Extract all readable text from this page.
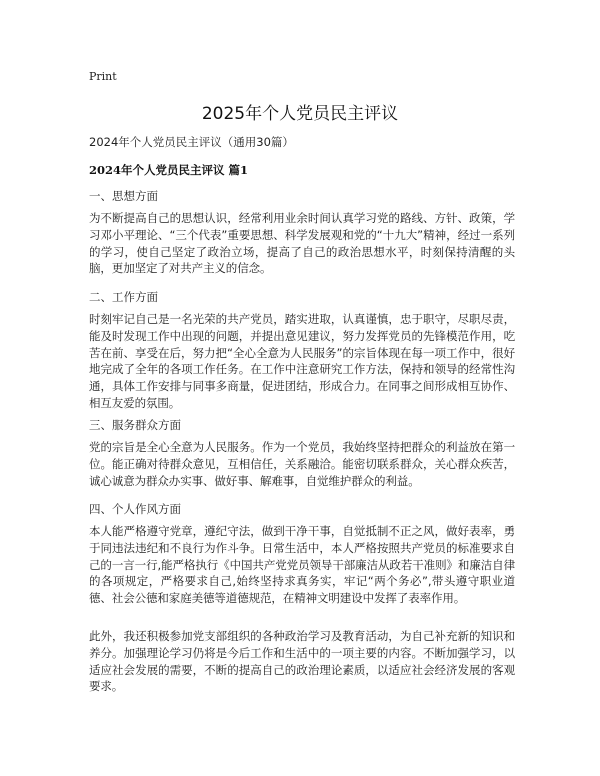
Print
2025年个人党员民主评议
2024年个人党员民主评议（通用30篇）
2024年个人党员民主评议 篇1
一、思想方面
为不断提高自己的思想认识，经常利用业余时间认真学习党的路线、方针、政策，学习邓小平理论、“三个代表”重要思想、科学发展观和党的“十九大”精神，经过一系列的学习，使自己坚定了政治立场，提高了自己的政治思想水平，时刻保持清醒的头脑，更加坚定了对共产主义的信念。
二、工作方面
时刻牢记自己是一名光荣的共产党员，踏实进取，认真谨慎，忠于职守，尽职尽责，能及时发现工作中出现的问题，并提出意见建议，努力发挥党员的先锋模范作用，吃苦在前、享受在后，努力把“全心全意为人民服务”的宗旨体现在每一项工作中，很好地完成了全年的各项工作任务。在工作中注意研究工作方法，保持和领导的经常性沟通，具体工作安排与同事多商量，促进团结，形成合力。在同事之间形成相互协作、相互友爱的氛围。
三、服务群众方面
党的宗旨是全心全意为人民服务。作为一个党员，我始终坚持把群众的利益放在第一位。能正确对待群众意见，互相信任，关系融洽。能密切联系群众，关心群众疾苦，诚心诚意为群众办实事、做好事、解难事，自觉维护群众的利益。
四、个人作风方面
本人能严格遵守党章，遵纪守法，做到干净干事，自觉抵制不正之风，做好表率，勇于同违法违纪和不良行为作斗争。日常生活中，本人严格按照共产党员的标准要求自己的一言一行,能严格执行《中国共产党党员领导干部廉洁从政若干准则》和廉洁自律的各项规定，严格要求自己,始终坚持求真务实，牢记“两个务必”,带头遵守职业道德、社会公德和家庭美德等道德规范，在精神文明建设中发挥了表率作用。
此外，我还积极参加党支部组织的各种政治学习及教育活动，为自己补充新的知识和养分。加强理论学习仍将是今后工作和生活中的一项主要的内容。不断加强学习，以适应社会发展的需要，不断的提高自己的政治理论素质，以适应社会经济发展的客观要求。
